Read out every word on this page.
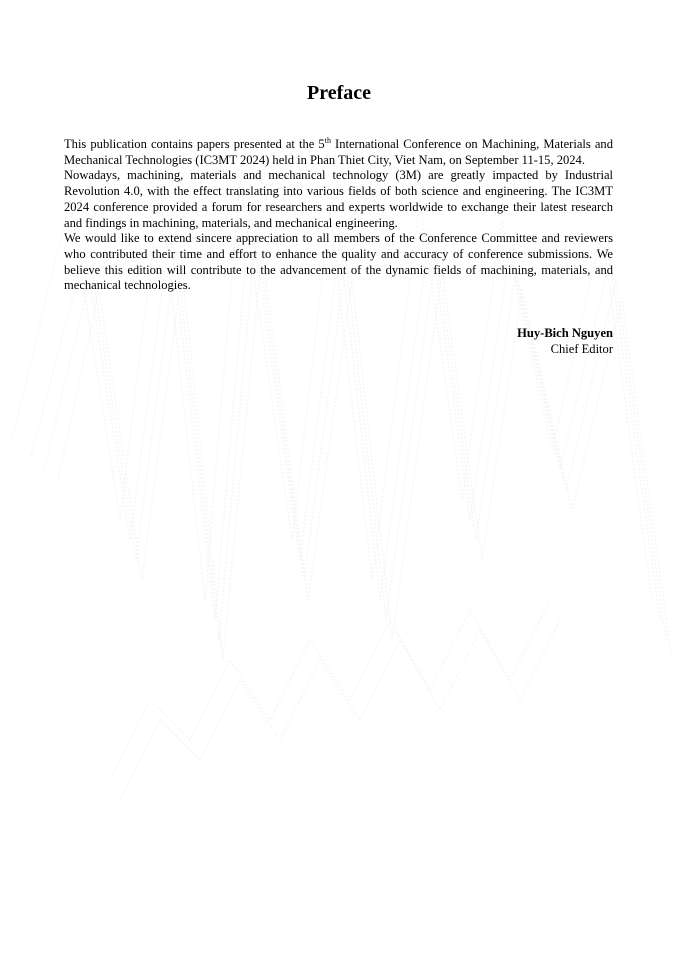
Preface

This publication contains papers presented at the 5th International Conference on Machining, Materials and Mechanical Technologies (IC3MT 2024) held in Phan Thiet City, Viet Nam, on September 11-15, 2024.

Nowadays, machining, materials and mechanical technology (3M) are greatly impacted by Industrial Revolution 4.0, with the effect translating into various fields of both science and engineering. The IC3MT 2024 conference provided a forum for researchers and experts worldwide to exchange their latest research and findings in machining, materials, and mechanical engineering.

We would like to extend sincere appreciation to all members of the Conference Committee and reviewers who contributed their time and effort to enhance the quality and accuracy of conference submissions. We believe this edition will contribute to the advancement of the dynamic fields of machining, materials, and mechanical technologies.

Huy-Bich Nguyen
Chief Editor
